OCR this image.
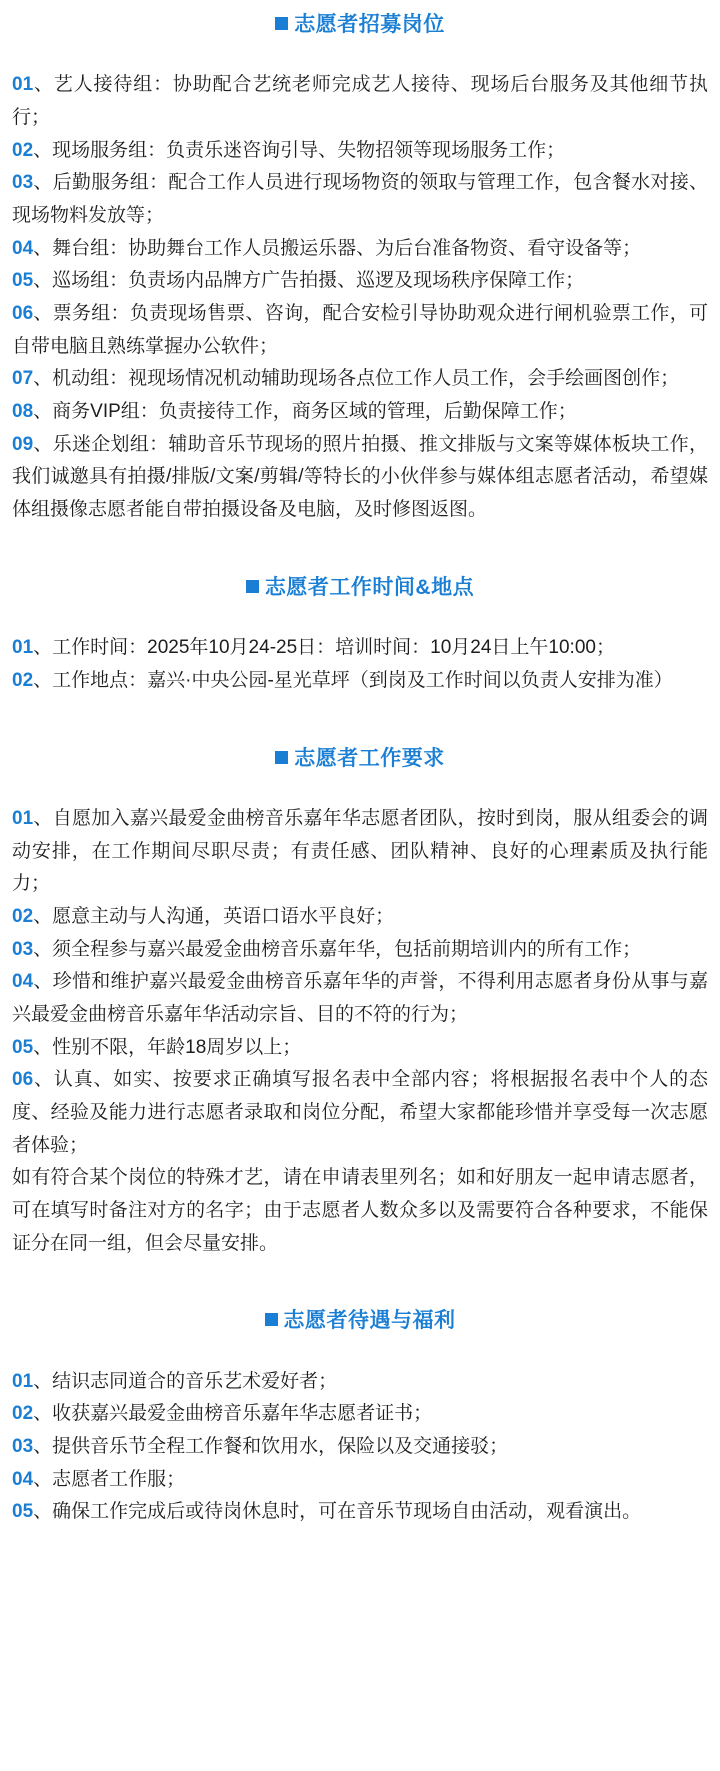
志愿者招募岗位

01、艺人接待组：协助配合艺统老师完成艺人接待、现场后台服务及其他细节执行；

02、现场服务组：负责乐迷咨询引导、失物招领等现场服务工作；

03、后勤服务组：配合工作人员进行现场物资的领取与管理工作，包含餐水对接、现场物料发放等；

04、舞台组：协助舞台工作人员搬运乐器、为后台准备物资、看守设备等；

05、巡场组：负责场内品牌方广告拍摄、巡逻及现场秩序保障工作；

06、票务组：负责现场售票、咨询，配合安检引导协助观众进行闸机验票工作，可自带电脑且熟练掌握办公软件；

07、机动组：视现场情况机动辅助现场各点位工作人员工作，会手绘画图创作；

08、商务VIP组：负责接待工作，商务区域的管理，后勤保障工作；

09、乐迷企划组：辅助音乐节现场的照片拍摄、推文排版与文案等媒体板块工作，我们诚邀具有拍摄/排版/文案/剪辑/等特长的小伙伴参与媒体组志愿者活动，希望媒体组摄像志愿者能自带拍摄设备及电脑，及时修图返图。

志愿者工作时间&地点

01、工作时间：2025年10月24-25日：培训时间：10月24日上午10:00；

02、工作地点：嘉兴·中央公园-星光草坪（到岗及工作时间以负责人安排为准）

志愿者工作要求

01、自愿加入嘉兴最爱金曲榜音乐嘉年华志愿者团队，按时到岗，服从组委会的调动安排，在工作期间尽职尽责；有责任感、团队精神、良好的心理素质及执行能力；

02、愿意主动与人沟通，英语口语水平良好；

03、须全程参与嘉兴最爱金曲榜音乐嘉年华，包括前期培训内的所有工作；

04、珍惜和维护嘉兴最爱金曲榜音乐嘉年华的声誉，不得利用志愿者身份从事与嘉兴最爱金曲榜音乐嘉年华活动宗旨、目的不符的行为；

05、性别不限，年龄18周岁以上；

06、认真、如实、按要求正确填写报名表中全部内容；将根据报名表中个人的态度、经验及能力进行志愿者录取和岗位分配，希望大家都能珍惜并享受每一次志愿者体验；

如有符合某个岗位的特殊才艺，请在申请表里列名；如和好朋友一起申请志愿者，可在填写时备注对方的名字；由于志愿者人数众多以及需要符合各种要求，不能保证分在同一组，但会尽量安排。

志愿者待遇与福利

01、结识志同道合的音乐艺术爱好者；

02、收获嘉兴最爱金曲榜音乐嘉年华志愿者证书；

03、提供音乐节全程工作餐和饮用水，保险以及交通接驳；

04、志愿者工作服；

05、确保工作完成后或待岗休息时，可在音乐节现场自由活动，观看演出。
